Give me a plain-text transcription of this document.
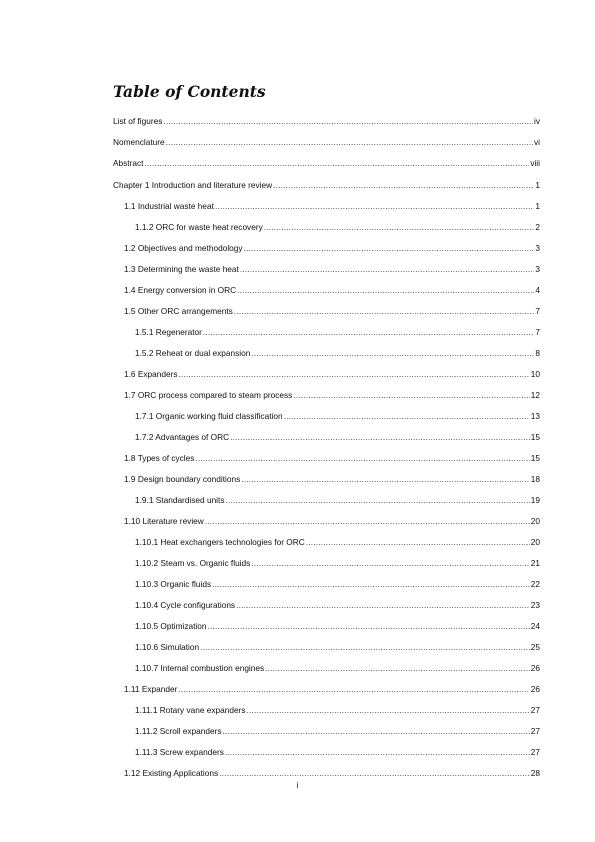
Table of Contents
List of figures .....	iv
Nomenclature .....	vi
Abstract .....	viii
Chapter 1 Introduction and literature review .....	1
1.1 Industrial waste heat .....	1
1.1.2 ORC for waste heat recovery .....	2
1.2 Objectives and methodology .....	3
1.3 Determining the waste heat .....	3
1.4 Energy conversion in ORC .....	4
1.5 Other ORC arrangements .....	7
1.5.1 Regenerator .....	7
1.5.2 Reheat or dual expansion .....	8
1.6 Expanders .....	10
1.7 ORC process compared to steam process .....	12
1.7.1 Organic working fluid classification .....	13
1.7.2 Advantages of ORC .....	15
1.8 Types of cycles .....	15
1.9 Design boundary conditions .....	18
1.9.1 Standardised units .....	19
1.10 Literature review .....	20
1.10.1 Heat exchangers technologies for ORC .....	20
1.10.2 Steam vs. Organic fluids .....	21
1.10.3 Organic fluids .....	22
1.10.4 Cycle configurations .....	23
1.10.5 Optimization .....	24
1.10.6 Simulation .....	25
1.10.7 Internal combustion engines .....	26
1.11 Expander .....	26
1.11.1 Rotary vane expanders .....	27
1.11.2 Scroll expanders .....	27
1.11.3 Screw expanders .....	27
1.12 Existing Applications .....	28
i
